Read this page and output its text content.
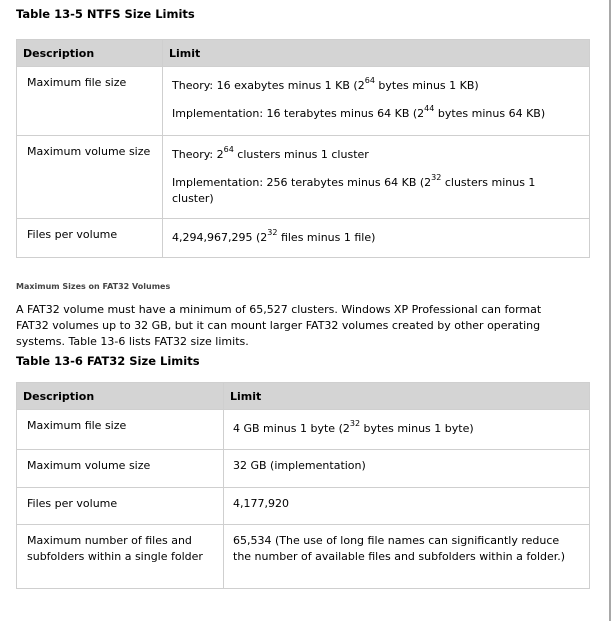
Table 13-5 NTFS Size Limits

Description	Limit
Maximum file size	Theory: 16 exabytes minus 1 KB ($2^{64}$ bytes minus 1 KB)

Implementation: 16 terabytes minus 64 KB ($2^{44}$ bytes minus 64 KB)

Maximum volume size	Theory: $2^{64}$ clusters minus 1 cluster

Implementation: 256 terabytes minus 64 KB ($2^{32}$ clusters minus 1 cluster)

Files per volume	4,294,967,295 ($2^{32}$ files minus 1 file)

Maximum Sizes on FAT32 Volumes

A FAT32 volume must have a minimum of 65,527 clusters. Windows XP Professional can format FAT32 volumes up to 32 GB, but it can mount larger FAT32 volumes created by other operating systems. Table 13-6 lists FAT32 size limits.

Table 13-6 FAT32 Size Limits

Description	Limit
Maximum file size	4 GB minus 1 byte ($2^{32}$ bytes minus 1 byte)

Maximum volume size	32 GB (implementation)

Files per volume	4,177,920

Maximum number of files and subfolders within a single folder	65,534 (The use of long file names can significantly reduce the number of available files and subfolders within a folder.)
